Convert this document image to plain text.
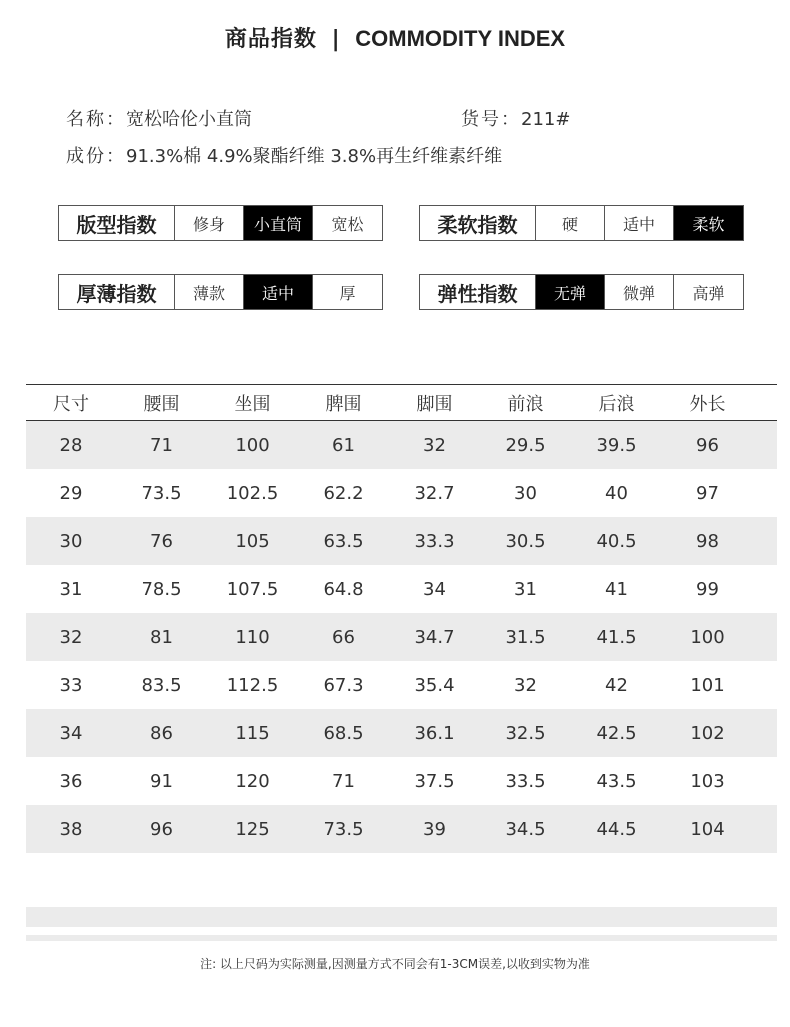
商品指数 | COMMODITY INDEX
名称：宽松哈伦小直筒	货号：211#
成份：91.3%棉 4.9%聚酯纤维 3.8%再生纤维素纤维
版型指数	修身	小直筒	宽松	柔软指数	硬	适中	柔软
厚薄指数	薄款	适中	厚	弹性指数	无弹	微弹	高弹
尺寸	腰围	坐围	脾围	脚围	前浪	后浪	外长
28	71	100	61	32	29.5	39.5	96
29	73.5	102.5	62.2	32.7	30	40	97
30	76	105	63.5	33.3	30.5	40.5	98
31	78.5	107.5	64.8	34	31	41	99
32	81	110	66	34.7	31.5	41.5	100
33	83.5	112.5	67.3	35.4	32	42	101
34	86	115	68.5	36.1	32.5	42.5	102
36	91	120	71	37.5	33.5	43.5	103
38	96	125	73.5	39	34.5	44.5	104
注: 以上尺码为实际测量,因测量方式不同会有1-3CM误差,以收到实物为准
